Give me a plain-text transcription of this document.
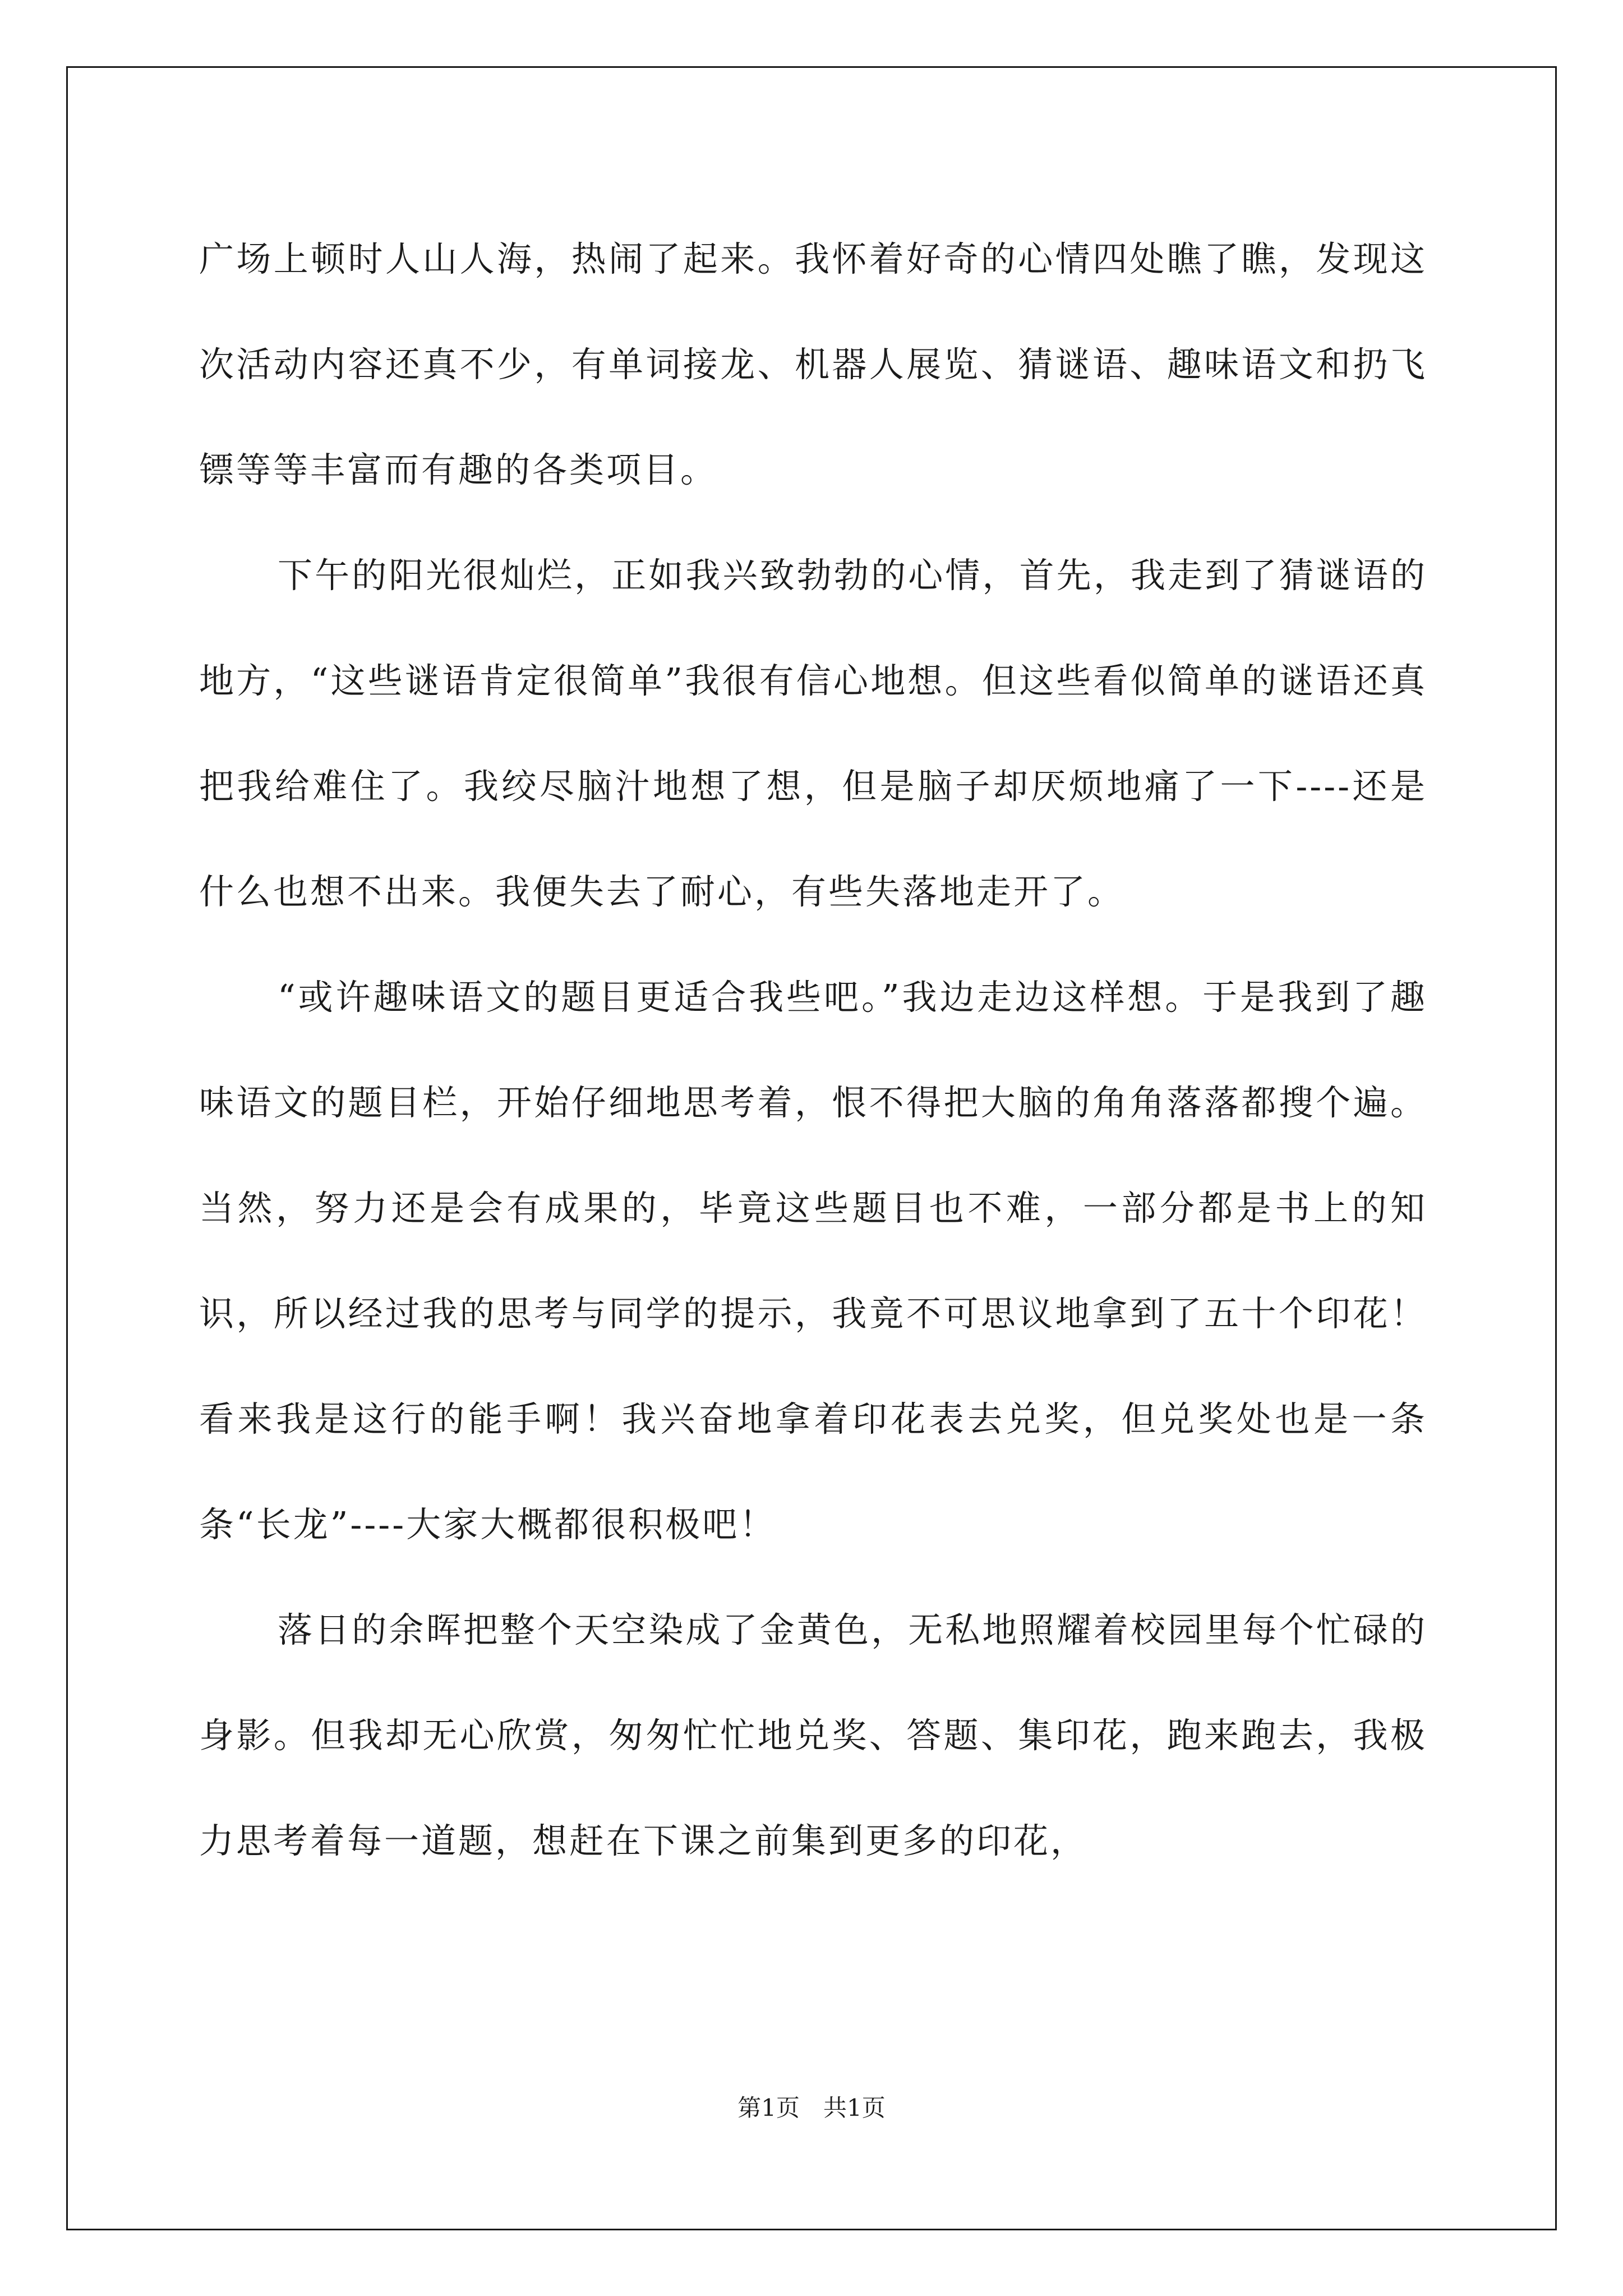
广场上顿时人山人海，热闹了起来。我怀着好奇的心情四处瞧了瞧，发现这次活动内容还真不少，有单词接龙、机器人展览、猜谜语、趣味语文和扔飞镖等等丰富而有趣的各类项目。

下午的阳光很灿烂，正如我兴致勃勃的心情，首先，我走到了猜谜语的地方，“这些谜语肯定很简单”我很有信心地想。但这些看似简单的谜语还真把我给难住了。我绞尽脑汁地想了想，但是脑子却厌烦地痛了一下----还是什么也想不出来。我便失去了耐心，有些失落地走开了。

“或许趣味语文的题目更适合我些吧。”我边走边这样想。于是我到了趣味语文的题目栏，开始仔细地思考着，恨不得把大脑的角角落落都搜个遍。当然，努力还是会有成果的，毕竟这些题目也不难，一部分都是书上的知识，所以经过我的思考与同学的提示，我竟不可思议地拿到了五十个印花！看来我是这行的能手啊！我兴奋地拿着印花表去兑奖，但兑奖处也是一条条“长龙”----大家大概都很积极吧！

落日的余晖把整个天空染成了金黄色，无私地照耀着校园里每个忙碌的身影。但我却无心欣赏，匆匆忙忙地兑奖、答题、集印花，跑来跑去，我极力思考着每一道题，想赶在下课之前集到更多的印花，

第1页 共1页
